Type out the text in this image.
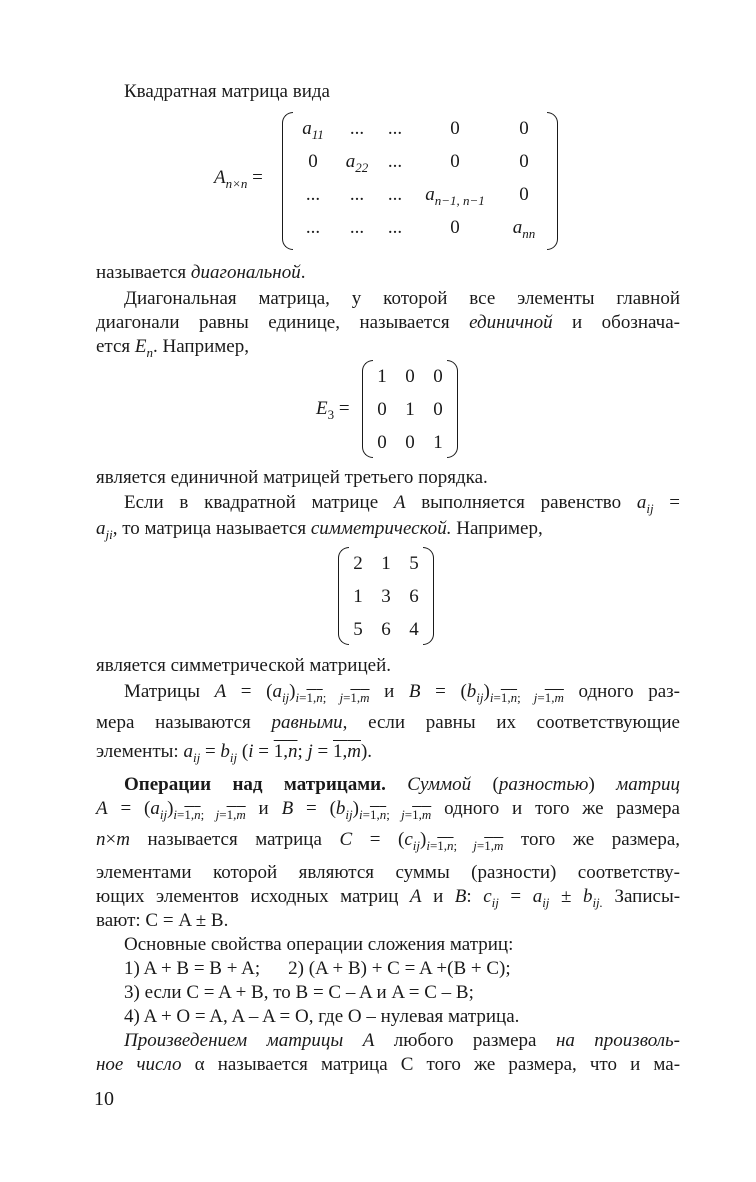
Квадратная матрица вида
$A_{n\times n}$ =
$a_{11}$	...	...	0	0
0	$a_{22}$	...	0	0
...	...	...	$a_{n-1, n-1}$	0
...	...	...	0	$a_{nn}$
называется диагональной.
Диагональная матрица, у которой все элементы главной
диагонали равны единице, называется единичной и обознача-
ется $E_n$. Например,
$E_3$ =
1	0	0
0	1	0
0	0	1
является единичной матрицей третьего порядка.
Если в квадратной матрице A выполняется равенство $a_{ij}$ =
$a_{ji}$, то матрица называется симметрической. Например,
2	1	5
1	3	6
5	6	4
является симметрической матрицей.
Матрицы $A = (a_{ij})_{i=1,n; j=1,m}$ и $B = (b_{ij})_{i=1,n; j=1,m}$ одного раз-
мера называются равными, если равны их соответствующие
элементы: $a_{ij} = b_{ij}$ (i = 1,n; j = 1,m).
Операции над матрицами. Суммой (разностью) матриц
$A = (a_{ij})_{i=1,n; j=1,m}$ и $B = (b_{ij})_{i=1,n; j=1,m}$ одного и того же размера
n×m называется матрица $C = (c_{ij})_{i=1,n; j=1,m}$ того же размера,
элементами которой являются суммы (разности) соответству-
ющих элементов исходных матриц A и B: $c_{ij} = a_{ij} \pm b_{ij.}$ Записы-
вают: С = A ± B.
Основные свойства операции сложения матриц:
1) A + B = B + A; 2) (A + B) + C = A +(B + C);
3) если C = A + B, то B = C – A и A = C – B;
4) A + O = A, A – A = O, где O – нулевая матрица.
Произведением матрицы A любого размера на произволь-
ное число α называется матрица C того же размера, что и ма-
10
